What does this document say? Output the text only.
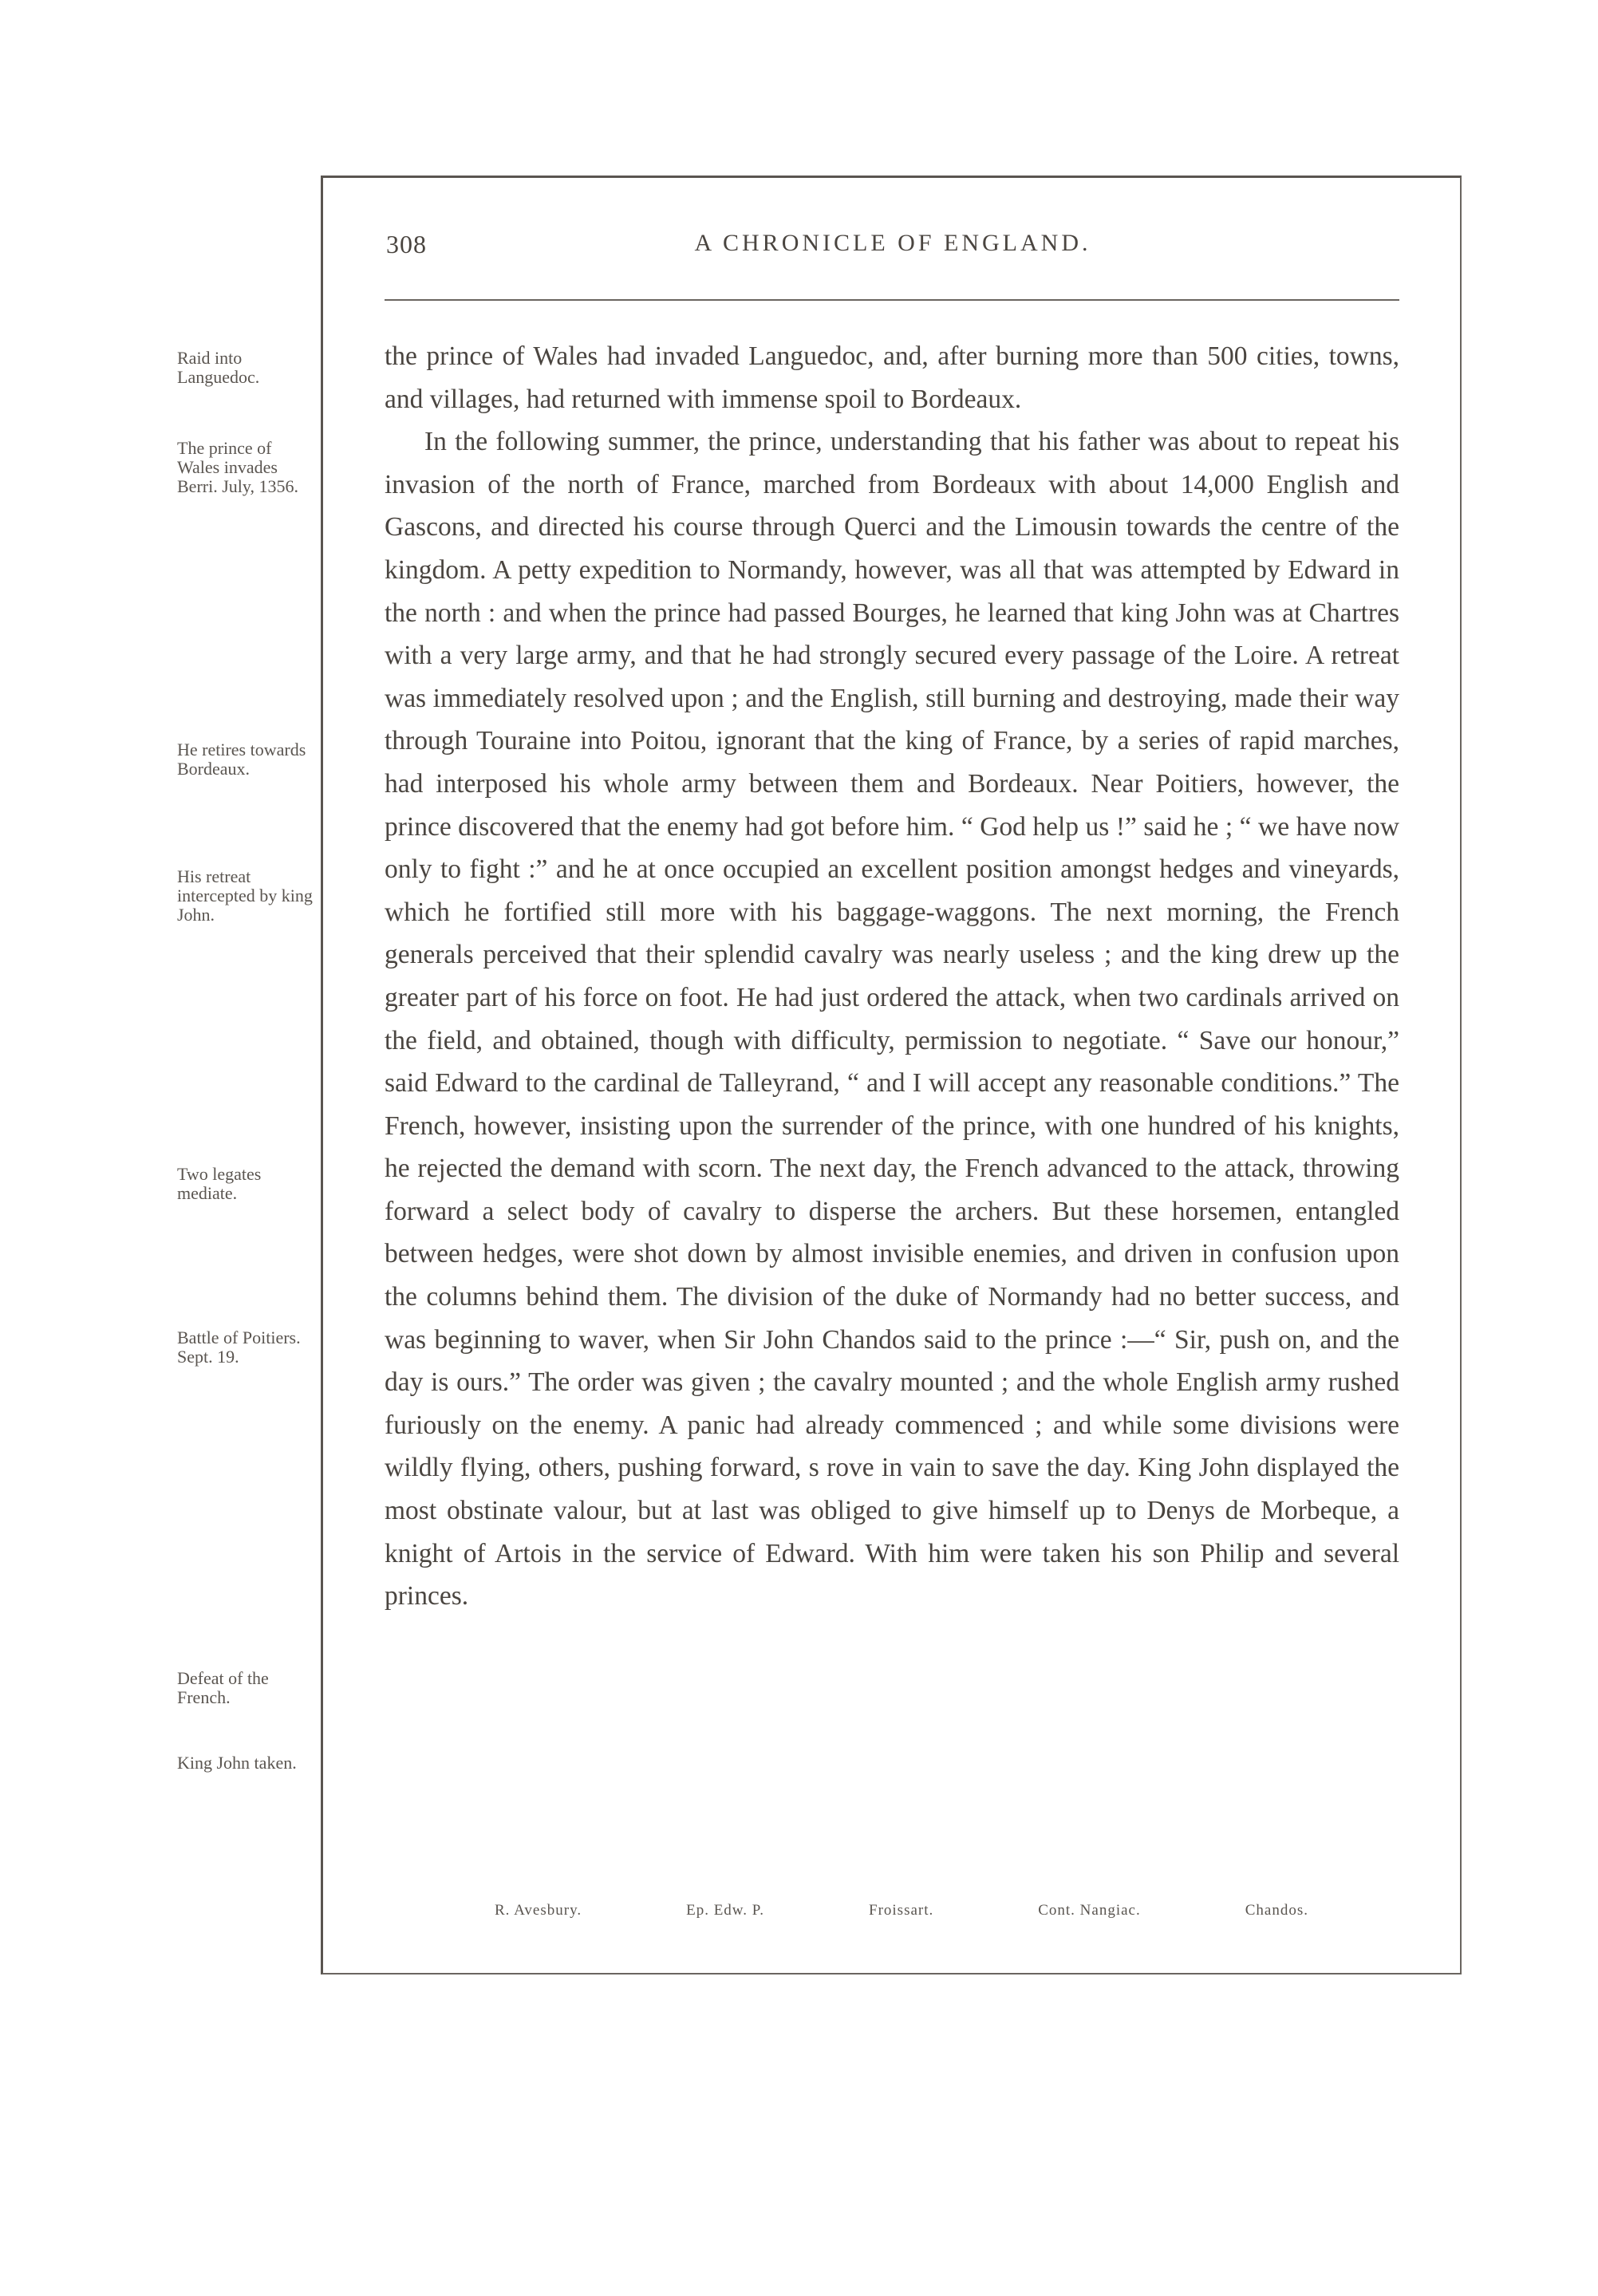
308	A CHRONICLE OF ENGLAND.
Raid into Languedoc.
The prince of Wales invades Berri. July, 1356.
He retires towards Bordeaux.
His retreat intercepted by king John.
Two legates mediate.
Battle of Poitiers. Sept. 19.
Defeat of the French.
King John taken.

the prince of Wales had invaded Languedoc, and, after burning more than 500 cities, towns, and villages, had returned with immense spoil to Bordeaux.

In the following summer, the prince, understanding that his father was about to repeat his invasion of the north of France, marched from Bordeaux with about 14,000 English and Gascons, and directed his course through Querci and the Limousin towards the centre of the kingdom. A petty expedition to Normandy, however, was all that was attempted by Edward in the north : and when the prince had passed Bourges, he learned that king John was at Chartres with a very large army, and that he had strongly secured every passage of the Loire. A retreat was immediately resolved upon ; and the English, still burning and destroying, made their way through Touraine into Poitou, ignorant that the king of France, by a series of rapid marches, had interposed his whole army between them and Bordeaux. Near Poitiers, however, the prince discovered that the enemy had got before him. “ God help us !” said he ; “ we have now only to fight :” and he at once occupied an excellent position amongst hedges and vineyards, which he fortified still more with his baggage-waggons. The next morning, the French generals perceived that their splendid cavalry was nearly useless ; and the king drew up the greater part of his force on foot. He had just ordered the attack, when two cardinals arrived on the field, and obtained, though with difficulty, permission to negotiate. “ Save our honour,” said Edward to the cardinal de Talleyrand, “ and I will accept any reasonable conditions.” The French, however, insisting upon the surrender of the prince, with one hundred of his knights, he rejected the demand with scorn. The next day, the French advanced to the attack, throwing forward a select body of cavalry to disperse the archers. But these horsemen, entangled between hedges, were shot down by almost invisible enemies, and driven in confusion upon the columns behind them. The division of the duke of Normandy had no better success, and was beginning to waver, when Sir John Chandos said to the prince :—“ Sir, push on, and the day is ours.” The order was given ; the cavalry mounted ; and the whole English army rushed furiously on the enemy. A panic had already commenced ; and while some divisions were wildly flying, others, pushing forward, s rove in vain to save the day. King John displayed the most obstinate valour, but at last was obliged to give himself up to Denys de Morbeque, a knight of Artois in the service of Edward. With him were taken his son Philip and several princes.

R. Avesbury.	Ep. Edw. P.	Froissart.	Cont. Nangiac.	Chandos.
